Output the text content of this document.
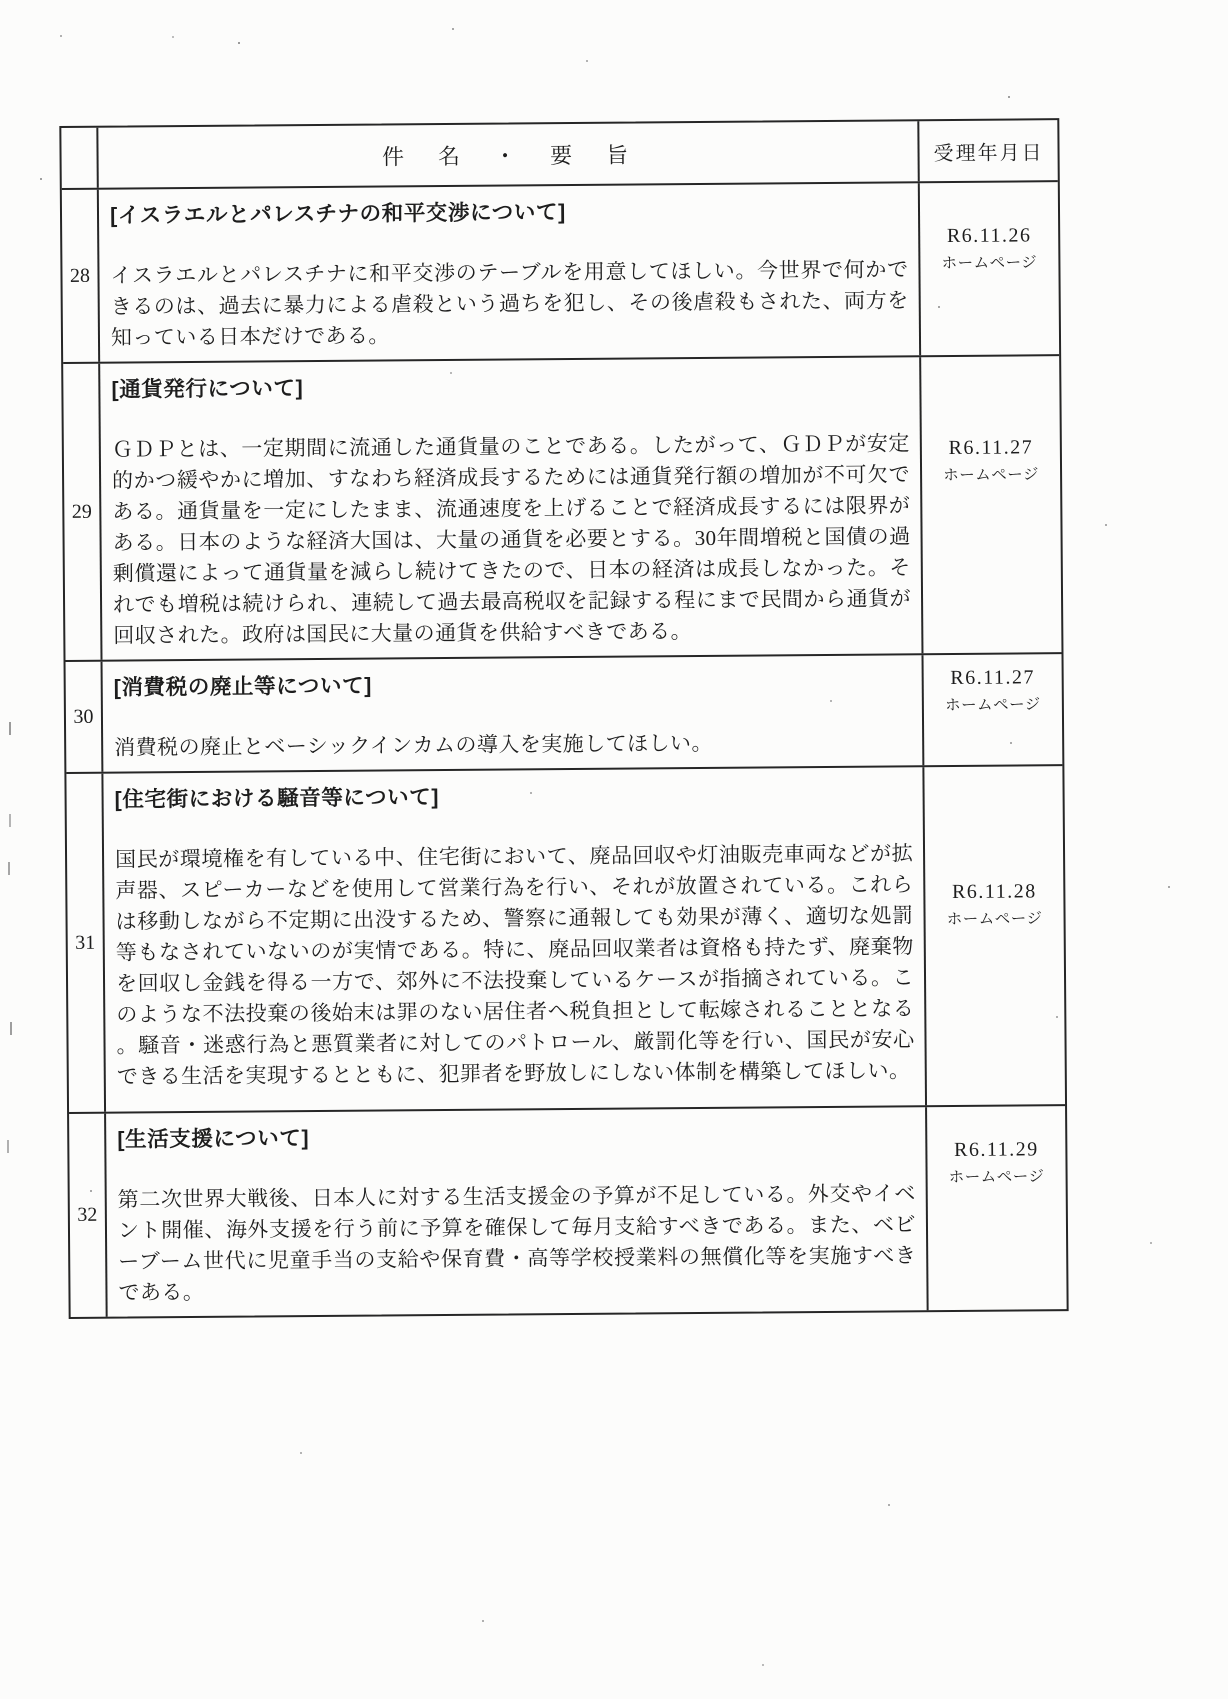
件　名　・　要　旨	受理年月日
28
[イスラエルとパレスチナの和平交渉について]
イスラエルとパレスチナに和平交渉のテーブルを用意してほしい。今世界で何かできるのは、過去に暴力による虐殺という過ちを犯し、その後虐殺もされた、両方を知っている日本だけである。
R6.11.26
ホームページ
29
[通貨発行について]
ＧＤＰとは、一定期間に流通した通貨量のことである。したがって、ＧＤＰが安定的かつ緩やかに増加、すなわち経済成長するためには通貨発行額の増加が不可欠である。通貨量を一定にしたまま、流通速度を上げることで経済成長するには限界がある。日本のような経済大国は、大量の通貨を必要とする。30年間増税と国債の過剰償還によって通貨量を減らし続けてきたので、日本の経済は成長しなかった。それでも増税は続けられ、連続して過去最高税収を記録する程にまで民間から通貨が回収された。政府は国民に大量の通貨を供給すべきである。
R6.11.27
ホームページ
30
[消費税の廃止等について]
消費税の廃止とベーシックインカムの導入を実施してほしい。
R6.11.27
ホームページ
31
[住宅街における騒音等について]
国民が環境権を有している中、住宅街において、廃品回収や灯油販売車両などが拡声器、スピーカーなどを使用して営業行為を行い、それが放置されている。これらは移動しながら不定期に出没するため、警察に通報しても効果が薄く、適切な処罰等もなされていないのが実情である。特に、廃品回収業者は資格も持たず、廃棄物を回収し金銭を得る一方で、郊外に不法投棄しているケースが指摘されている。このような不法投棄の後始末は罪のない居住者へ税負担として転嫁されることとなる。騒音・迷惑行為と悪質業者に対してのパトロール、厳罰化等を行い、国民が安心できる生活を実現するとともに、犯罪者を野放しにしない体制を構築してほしい。
R6.11.28
ホームページ
32
[生活支援について]
第二次世界大戦後、日本人に対する生活支援金の予算が不足している。外交やイベント開催、海外支援を行う前に予算を確保して毎月支給すべきである。また、ベビーブーム世代に児童手当の支給や保育費・高等学校授業料の無償化等を実施すべきである。
R6.11.29
ホームページ
